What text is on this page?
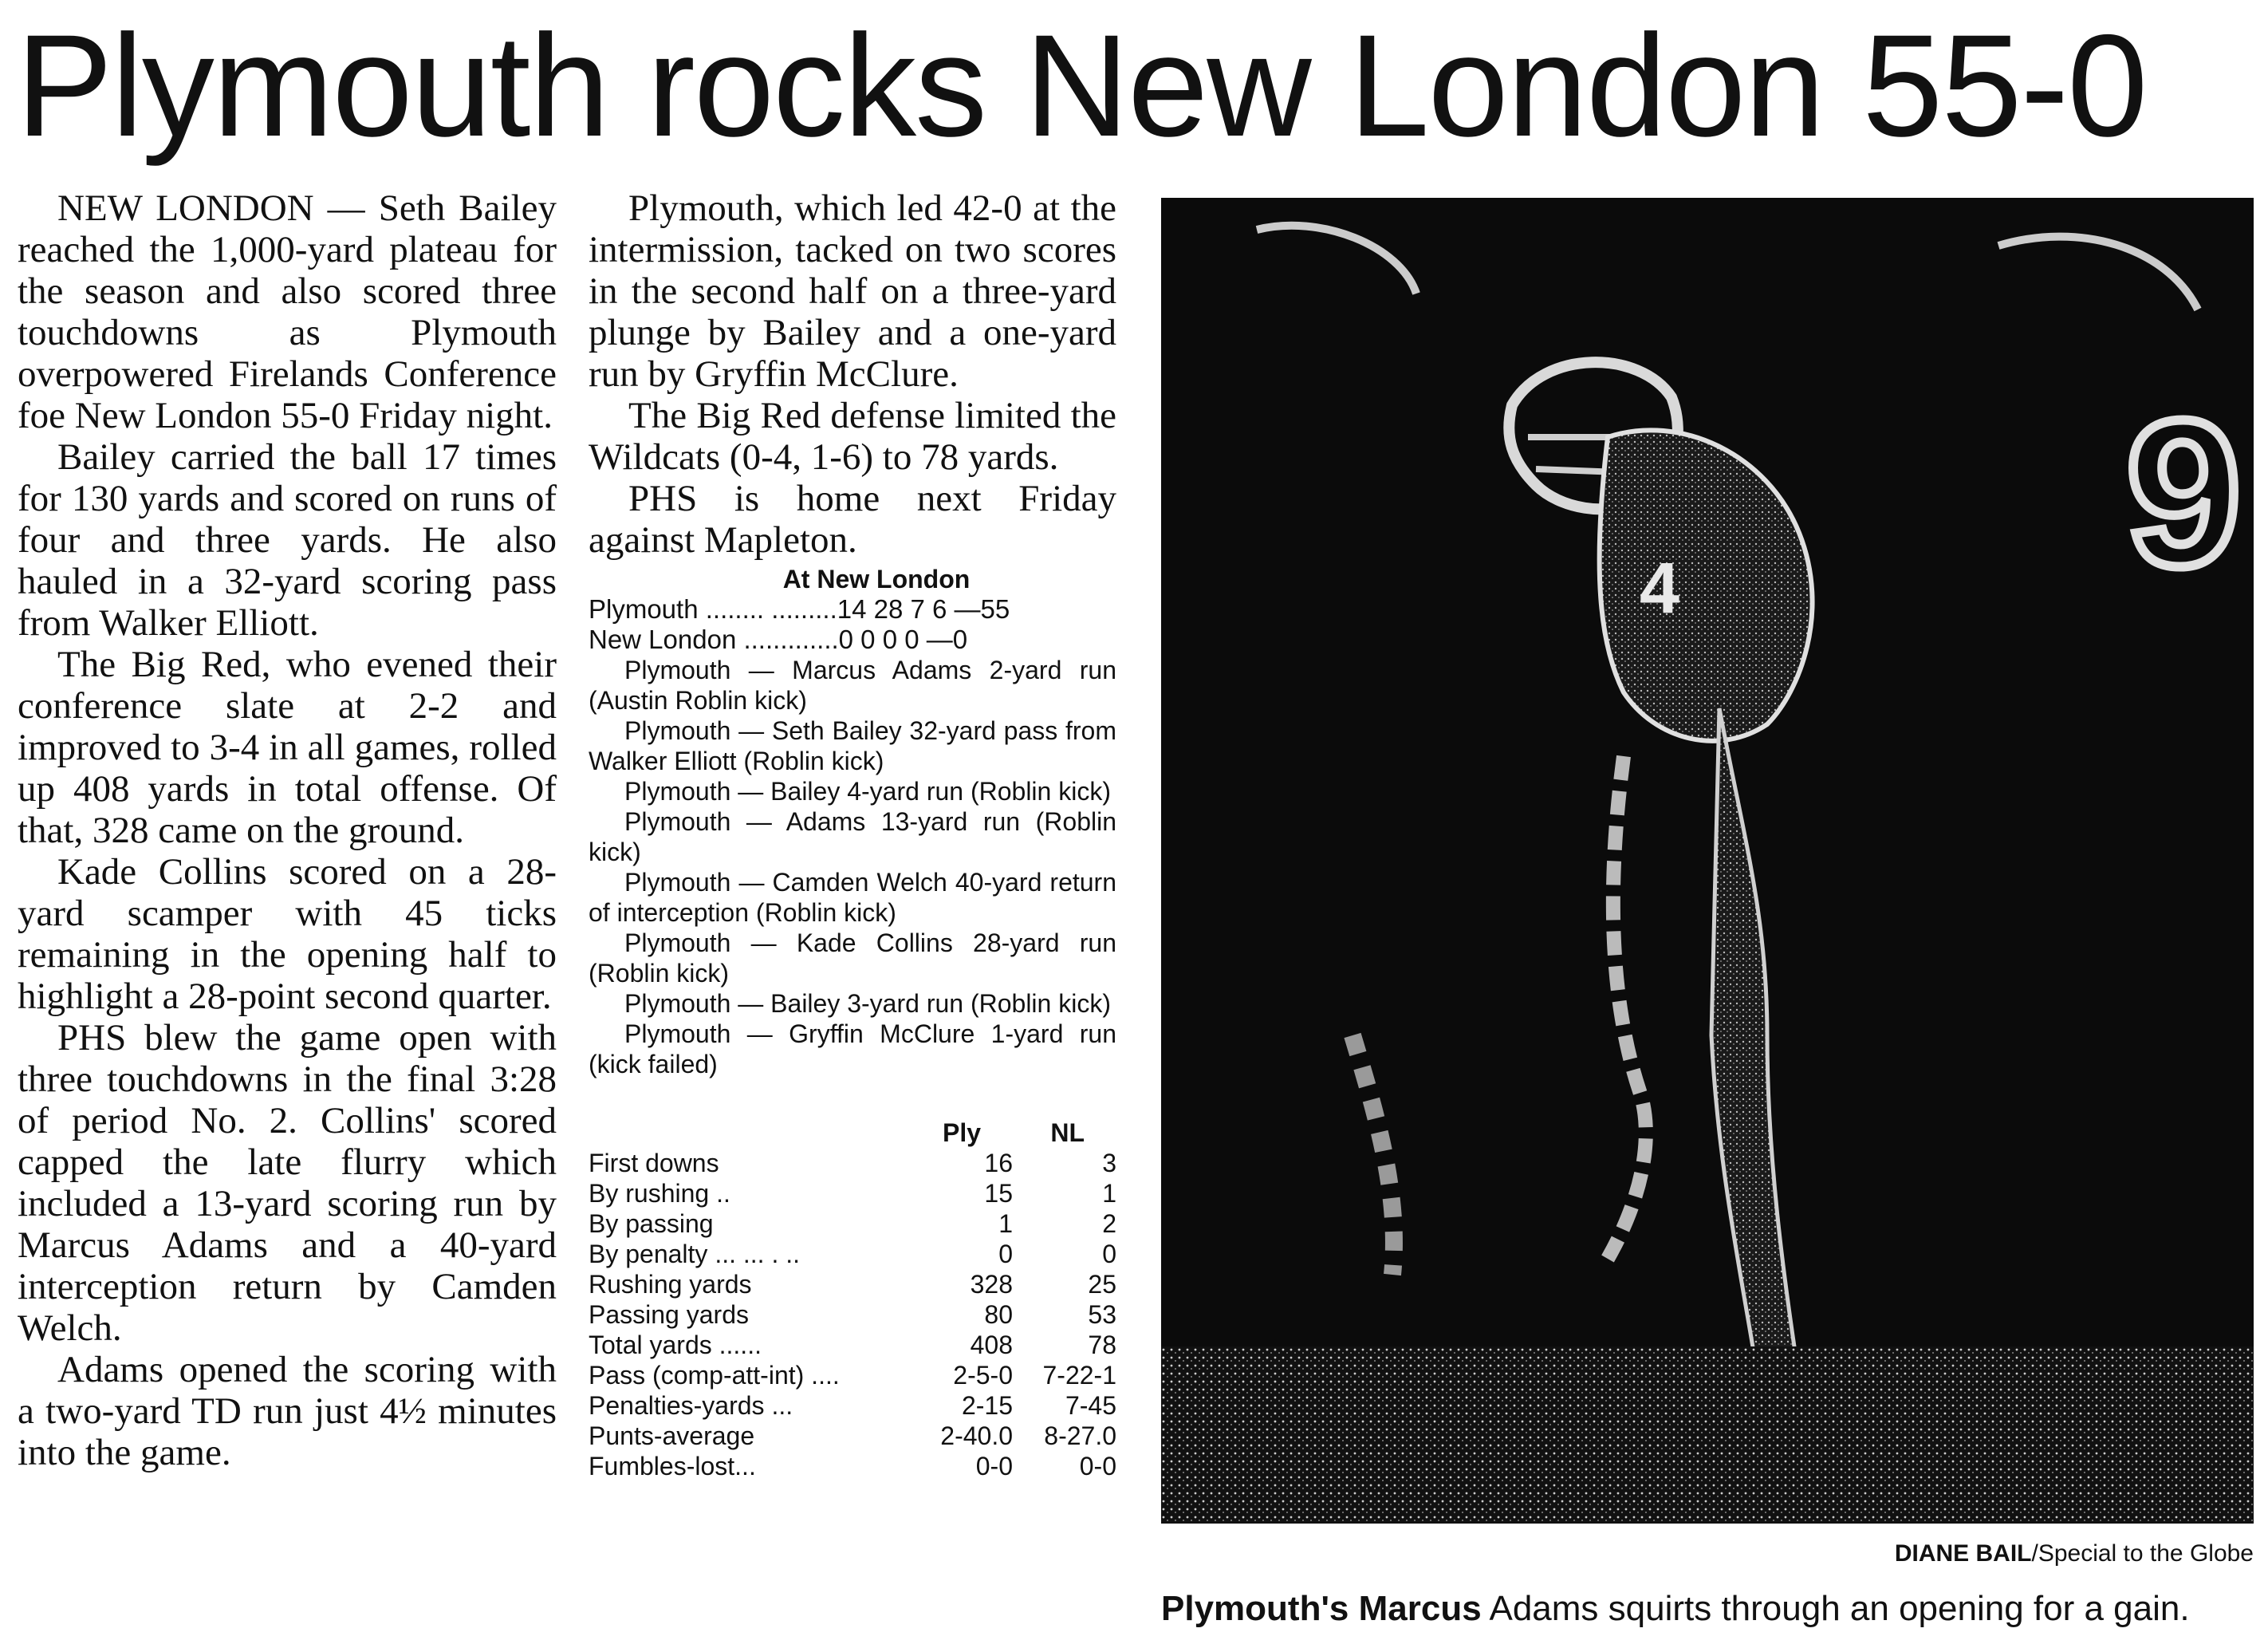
Plymouth rocks New London 55-0

NEW LONDON — Seth Bailey reached the 1,000-yard plateau for the season and also scored three touchdowns as Plymouth overpowered Firelands Conference foe New London 55-0 Friday night.

Bailey carried the ball 17 times for 130 yards and scored on runs of four and three yards. He also hauled in a 32-yard scoring pass from Walker Elliott.

The Big Red, who evened their conference slate at 2-2 and improved to 3-4 in all games, rolled up 408 yards in total offense. Of that, 328 came on the ground.

Kade Collins scored on a 28-yard scamper with 45 ticks remaining in the opening half to highlight a 28-point second quarter.

PHS blew the game open with three touchdowns in the final 3:28 of period No. 2. Collins' scored capped the late flurry which included a 13-yard scoring run by Marcus Adams and a 40-yard interception return by Camden Welch.

Adams opened the scoring with a two-yard TD run just 4½ minutes into the game.

Plymouth, which led 42-0 at the intermission, tacked on two scores in the second half on a three-yard plunge by Bailey and a one-yard run by Gryffin McClure.

The Big Red defense limited the Wildcats (0-4, 1-6) to 78 yards.

PHS is home next Friday against Mapleton.

At New London
Plymouth ........ .........14 28 7 6 —55
New London .............0 0 0 0 —0

Plymouth — Marcus Adams 2-yard run (Austin Roblin kick)

Plymouth — Seth Bailey 32-yard pass from Walker Elliott (Roblin kick)

Plymouth — Bailey 4-yard run (Roblin kick)

Plymouth — Adams 13-yard run (Roblin kick)

Plymouth — Camden Welch 40-yard return of interception (Roblin kick)

Plymouth — Kade Collins 28-yard run (Roblin kick)

Plymouth — Bailey 3-yard run (Roblin kick)

Plymouth — Gryffin McClure 1-yard run (kick failed)

Ply	NL
First downs	16	3
By rushing ..	15	1
By passing	1	2
By penalty ... ... . ..	0	0
Rushing yards	328	25
Passing yards	80	53
Total yards ......	408	78
Pass (comp-att-int) ....	2-5-0	7-22-1
Penalties-yards ...	2-15	7-45
Punts-average	2-40.0	8-27.0
Fumbles-lost...	0-0	0-0
4 9
DIANE BAIL/Special to the Globe
Plymouth's Marcus Adams squirts through an opening for a gain.
